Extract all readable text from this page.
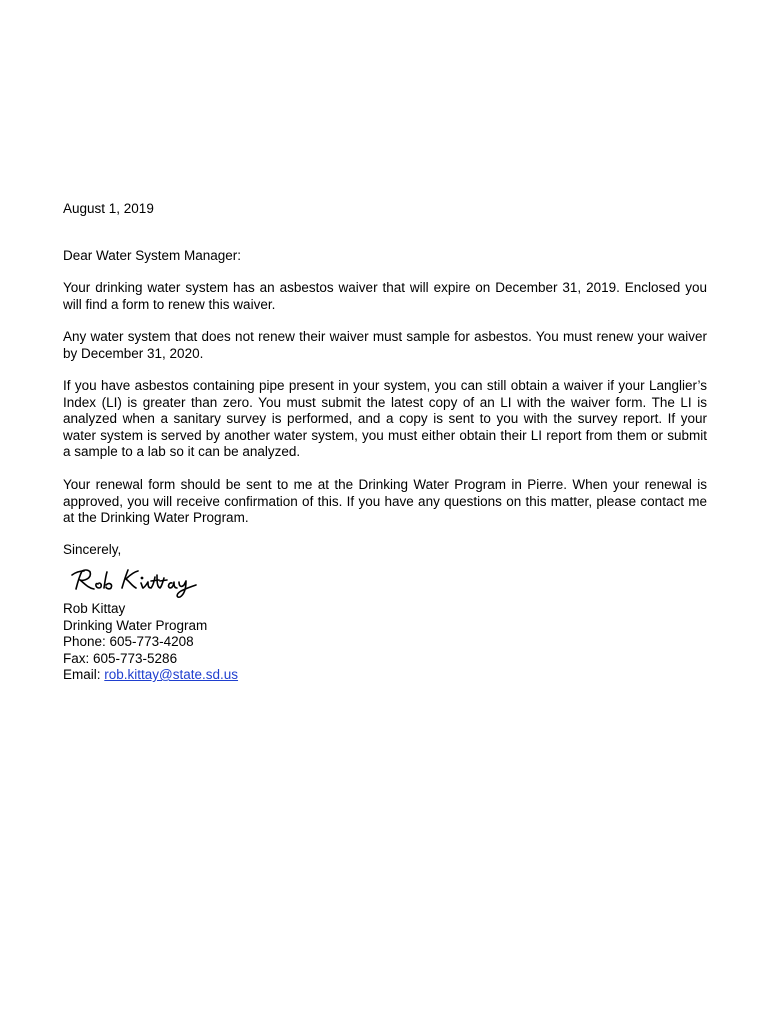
August 1, 2019

Dear Water System Manager:

Your drinking water system has an asbestos waiver that will expire on December 31, 2019. Enclosed you will find a form to renew this waiver.

Any water system that does not renew their waiver must sample for asbestos. You must renew your waiver by December 31, 2020.

If you have asbestos containing pipe present in your system, you can still obtain a waiver if your Langlier’s Index (LI) is greater than zero. You must submit the latest copy of an LI with the waiver form. The LI is analyzed when a sanitary survey is performed, and a copy is sent to you with the survey report. If your water system is served by another water system, you must either obtain their LI report from them or submit a sample to a lab so it can be analyzed.

Your renewal form should be sent to me at the Drinking Water Program in Pierre. When your renewal is approved, you will receive confirmation of this. If you have any questions on this matter, please contact me at the Drinking Water Program.

Sincerely,

Rob Kittay
Drinking Water Program
Phone: 605-773-4208
Fax: 605-773-5286
Email: rob.kittay@state.sd.us
